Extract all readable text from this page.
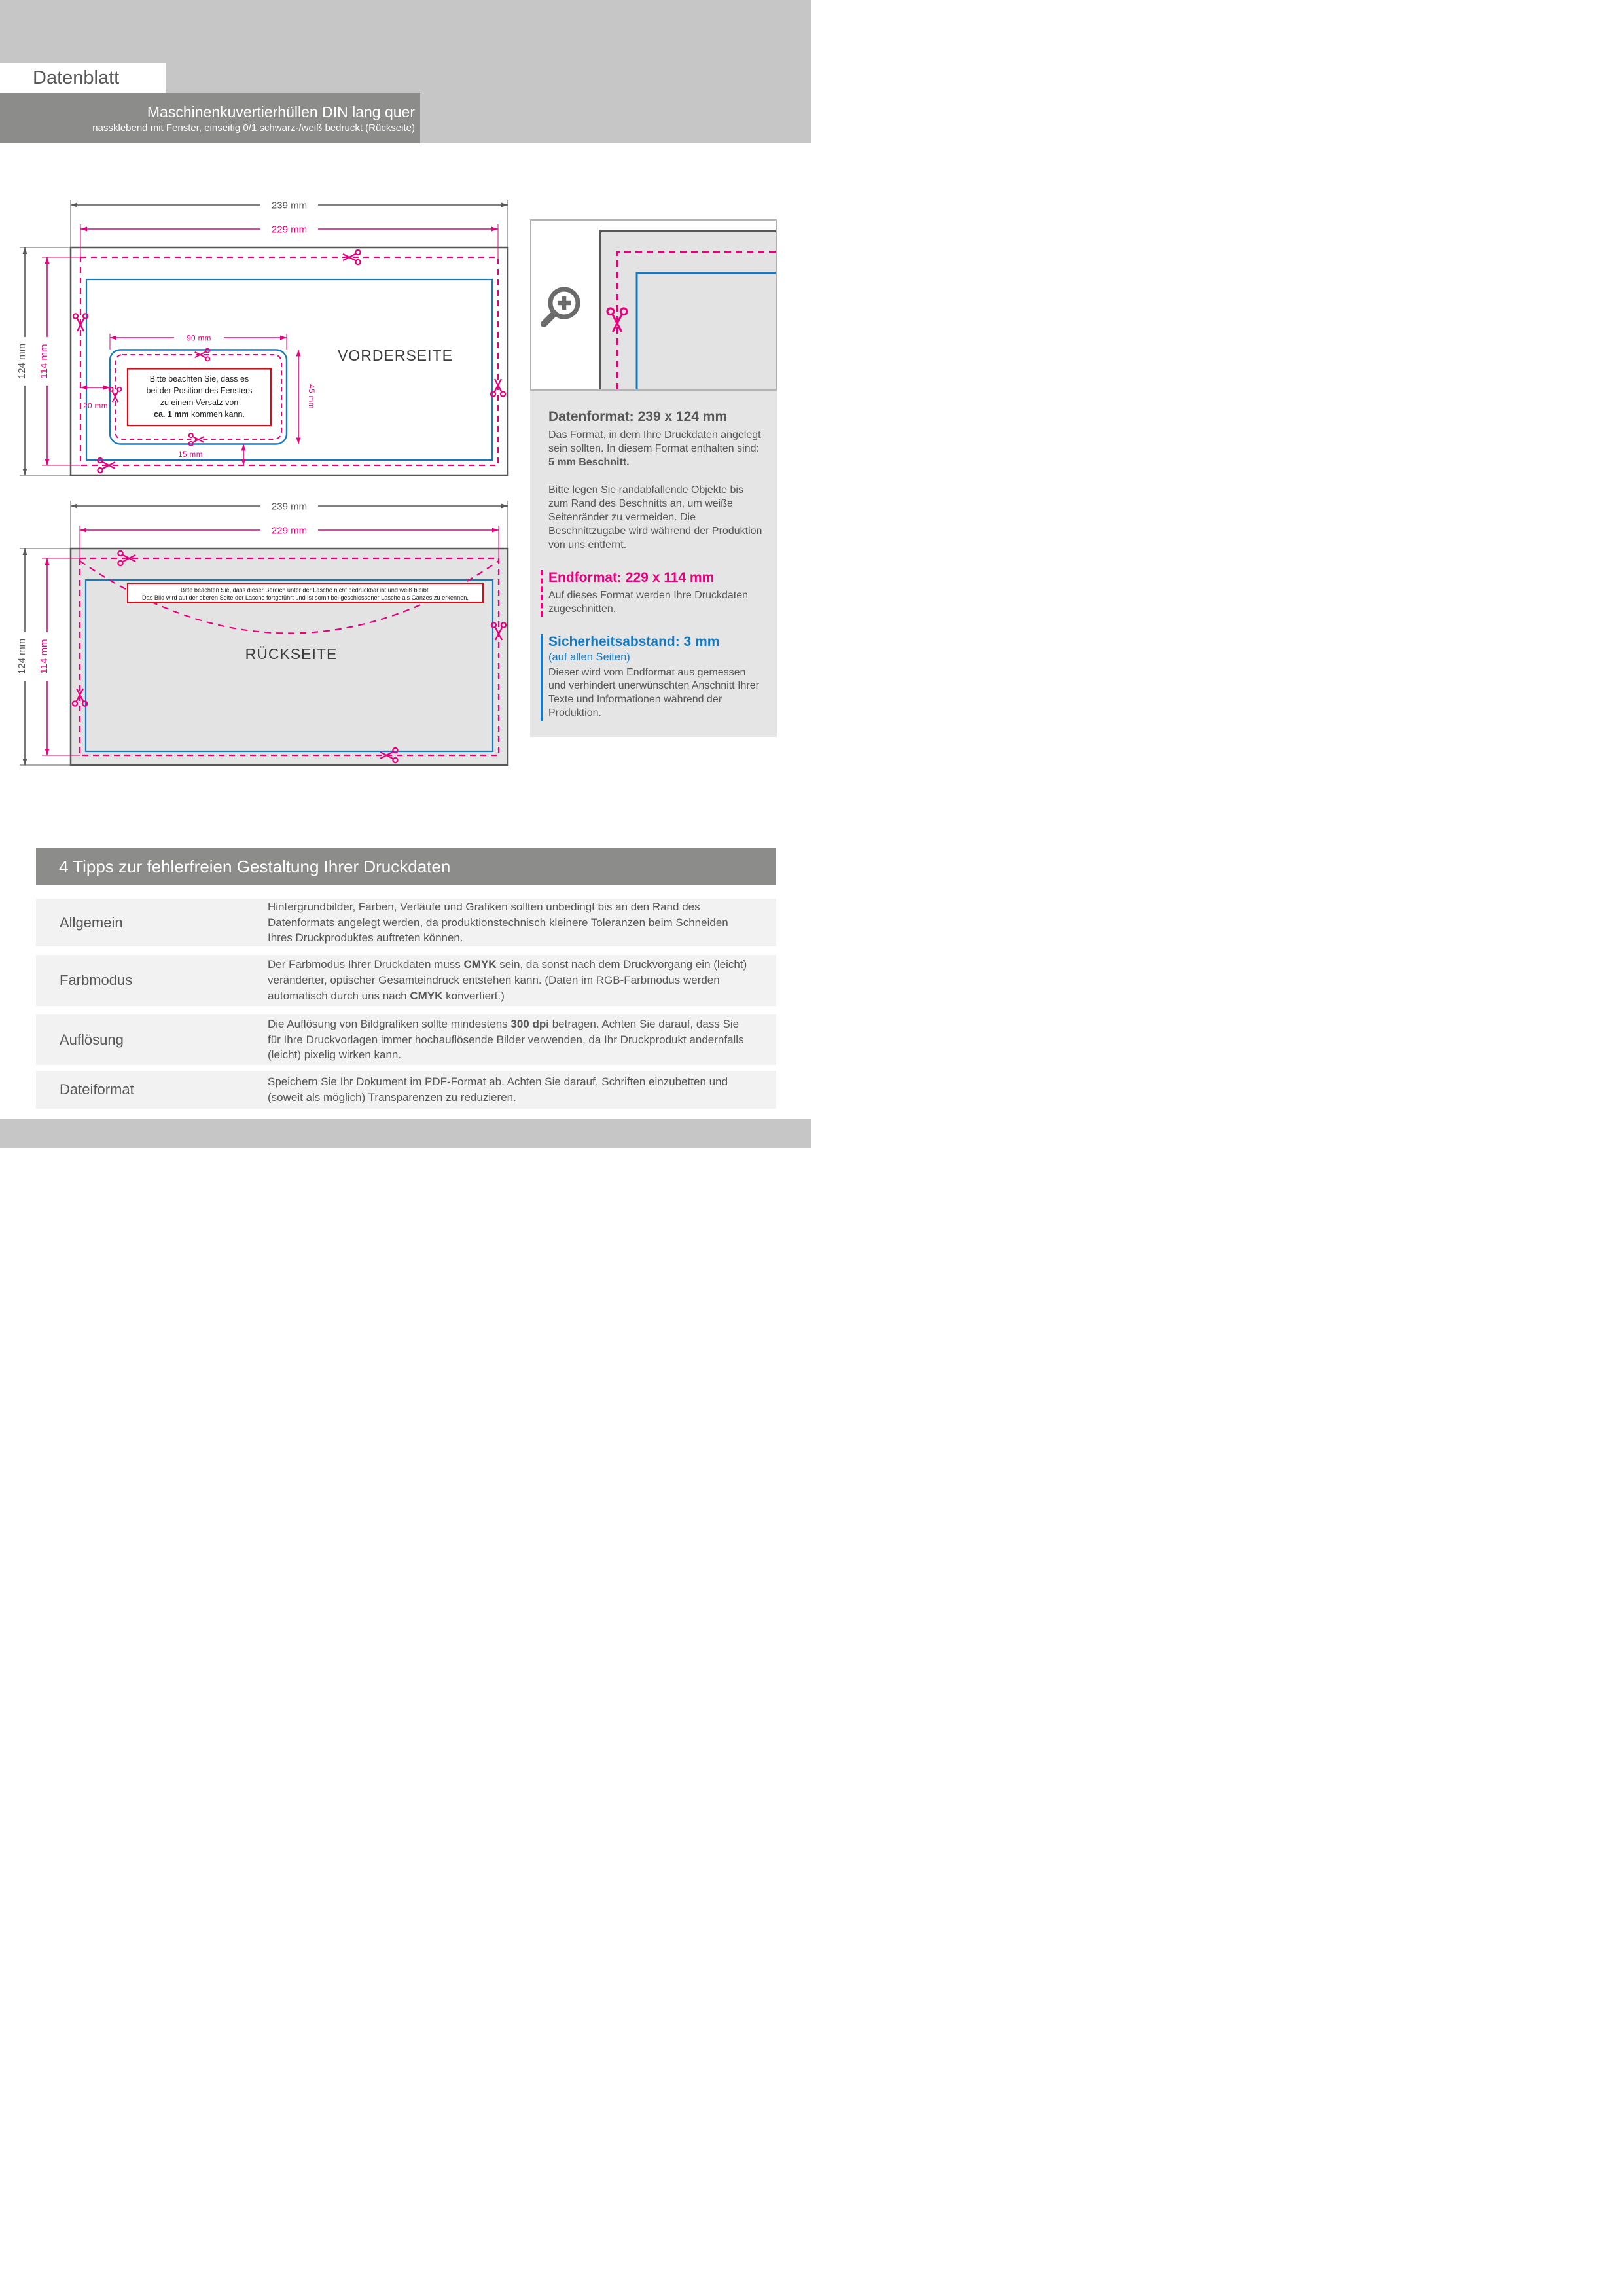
Datenblatt
Maschinenkuvertierhüllen DIN lang quer
nassklebend mit Fenster, einseitig 0/1 schwarz-/weiß bedruckt (Rückseite)
239 mm
229 mm
124 mm 114 mm
Bitte beachten Sie, dass es
bei der Position des Fensters
zu einem Versatz von
ca. 1 mm kommen kann.
90 mm
45 mm
20 mm
15 mm
VORDERSEITE
239 mm
229 mm
124 mm 114 mm
Bitte beachten Sie, dass dieser Bereich unter der Lasche nicht bedruckbar ist und weiß bleibt.
Das Bild wird auf der oberen Seite der Lasche fortgeführt und ist somit bei geschlossener Lasche als Ganzes zu erkennen.
RÜCKSEITE
Datenformat: 239 x 124 mm

Das Format, in dem Ihre Druckdaten angelegt sein sollten. In diesem Format enthalten sind: 5 mm Beschnitt.

Bitte legen Sie randabfallende Objekte bis zum Rand des Beschnitts an, um weiße Seitenränder zu vermeiden. Die Beschnittzugabe wird während der Produktion von uns entfernt.

Endformat: 229 x 114 mm

Auf dieses Format werden Ihre Druckdaten zugeschnitten.

Sicherheitsabstand: 3 mm
(auf allen Seiten)

Dieser wird vom Endformat aus gemessen und verhindert unerwünschten Anschnitt Ihrer Texte und Informationen während der Produktion.

4 Tipps zur fehlerfreien Gestaltung Ihrer Druckdaten
Allgemein
Hintergrundbilder, Farben, Verläufe und Grafiken sollten unbedingt bis an den Rand des Datenformats angelegt werden, da produktionstechnisch kleinere Toleranzen beim Schneiden Ihres Druckproduktes auftreten können.
Farbmodus
Der Farbmodus Ihrer Druckdaten muss CMYK sein, da sonst nach dem Druckvorgang ein (leicht) veränderter, optischer Gesamteindruck entstehen kann. (Daten im RGB-Farbmodus werden automatisch durch uns nach CMYK konvertiert.)
Auflösung
Die Auflösung von Bildgrafiken sollte mindestens 300 dpi betragen. Achten Sie darauf, dass Sie für Ihre Druckvorlagen immer hochauflösende Bilder verwenden, da Ihr Druckprodukt andernfalls (leicht) pixelig wirken kann.
Dateiformat	Speichern Sie Ihr Dokument im PDF-Format ab. Achten Sie darauf, Schriften einzubetten und (soweit als möglich) Transparenzen zu reduzieren.
